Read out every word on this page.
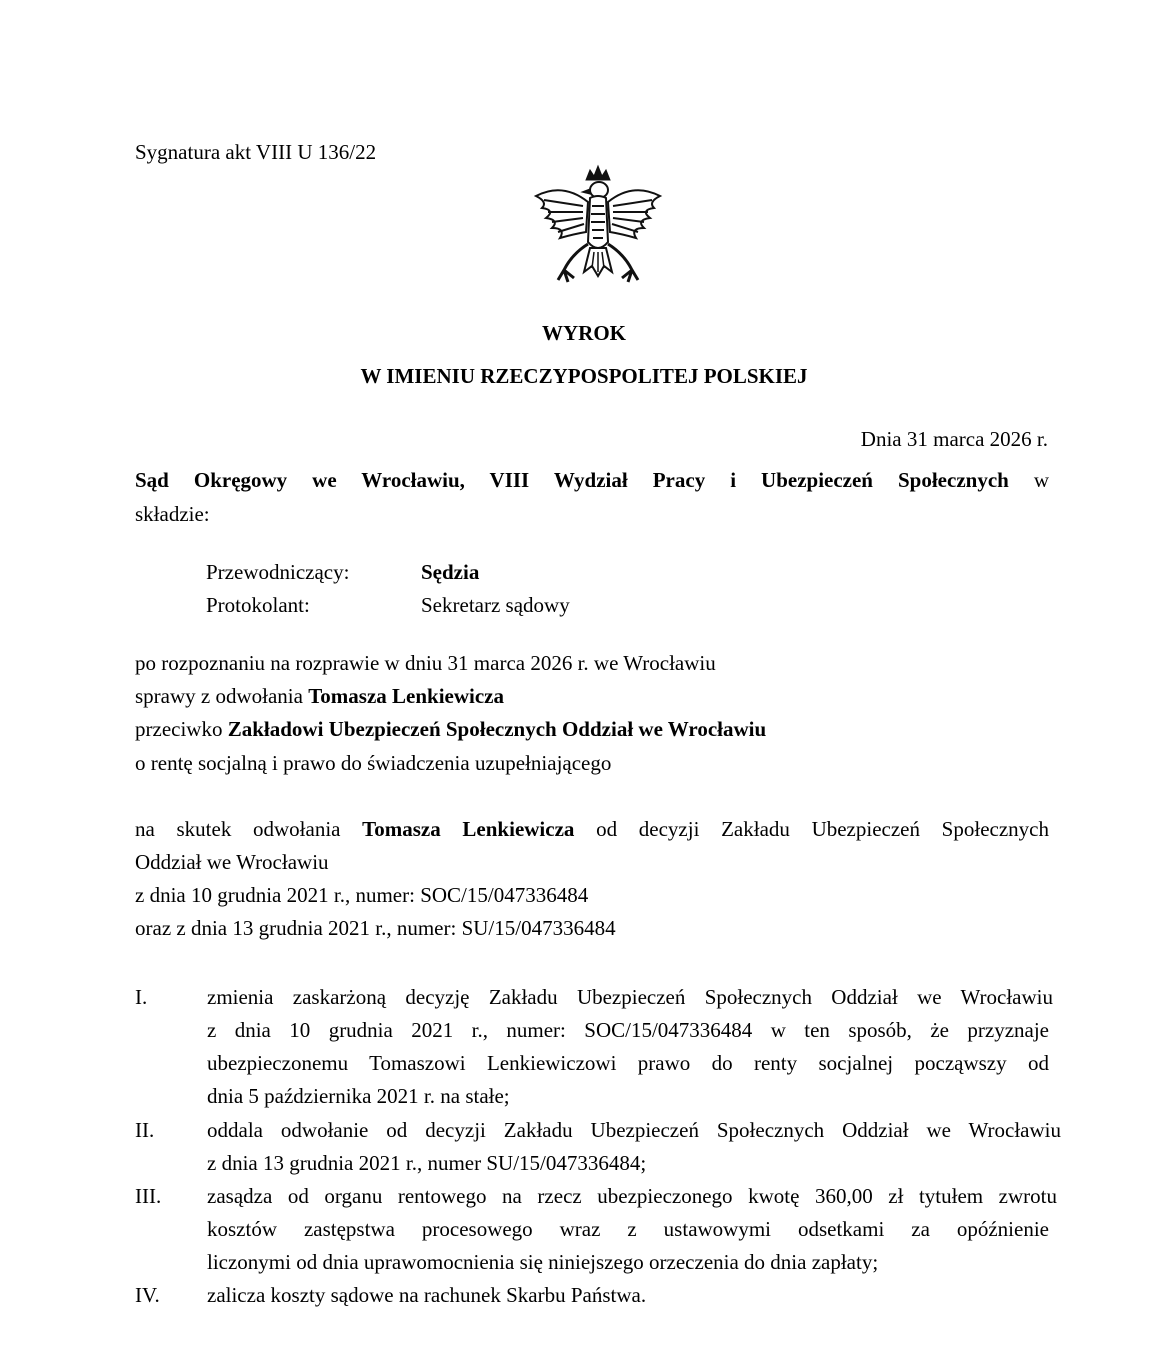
Sygnatura akt VIII U 136/22
WYROK
W IMIENIU RZECZYPOSPOLITEJ POLSKIEJ
Dnia 31 marca 2026 r.
Sąd Okręgowy we Wrocławiu, VIII Wydział Pracy i Ubezpieczeń Społecznych w
składzie:
Przewodniczący:	Sędzia
Protokolant:	Sekretarz sądowy
po rozpoznaniu na rozprawie w dniu 31 marca 2026 r. we Wrocławiu
sprawy z odwołania Tomasza Lenkiewicza
przeciwko Zakładowi Ubezpieczeń Społecznych Oddział we Wrocławiu
o rentę socjalną i prawo do świadczenia uzupełniającego
na skutek odwołania Tomasza Lenkiewicza od decyzji Zakładu Ubezpieczeń Społecznych
Oddział we Wrocławiu
z dnia 10 grudnia 2021 r., numer: SOC/15/047336484
oraz z dnia 13 grudnia 2021 r., numer: SU/15/047336484
I.	zmienia zaskarżoną decyzję Zakładu Ubezpieczeń Społecznych Oddział we Wrocławiu
z dnia 10 grudnia 2021 r., numer: SOC/15/047336484 w ten sposób, że przyznaje
ubezpieczonemu Tomaszowi Lenkiewiczowi prawo do renty socjalnej począwszy od
dnia 5 października 2021 r. na stałe;
II.	oddala odwołanie od decyzji Zakładu Ubezpieczeń Społecznych Oddział we Wrocławiu
z dnia 13 grudnia 2021 r., numer SU/15/047336484;
III. zasądza od organu rentowego na rzecz ubezpieczonego kwotę 360,00 zł tytułem zwrotu
kosztów zastępstwa procesowego wraz z ustawowymi odsetkami za opóźnienie
liczonymi od dnia uprawomocnienia się niniejszego orzeczenia do dnia zapłaty;
IV. zalicza koszty sądowe na rachunek Skarbu Państwa.
